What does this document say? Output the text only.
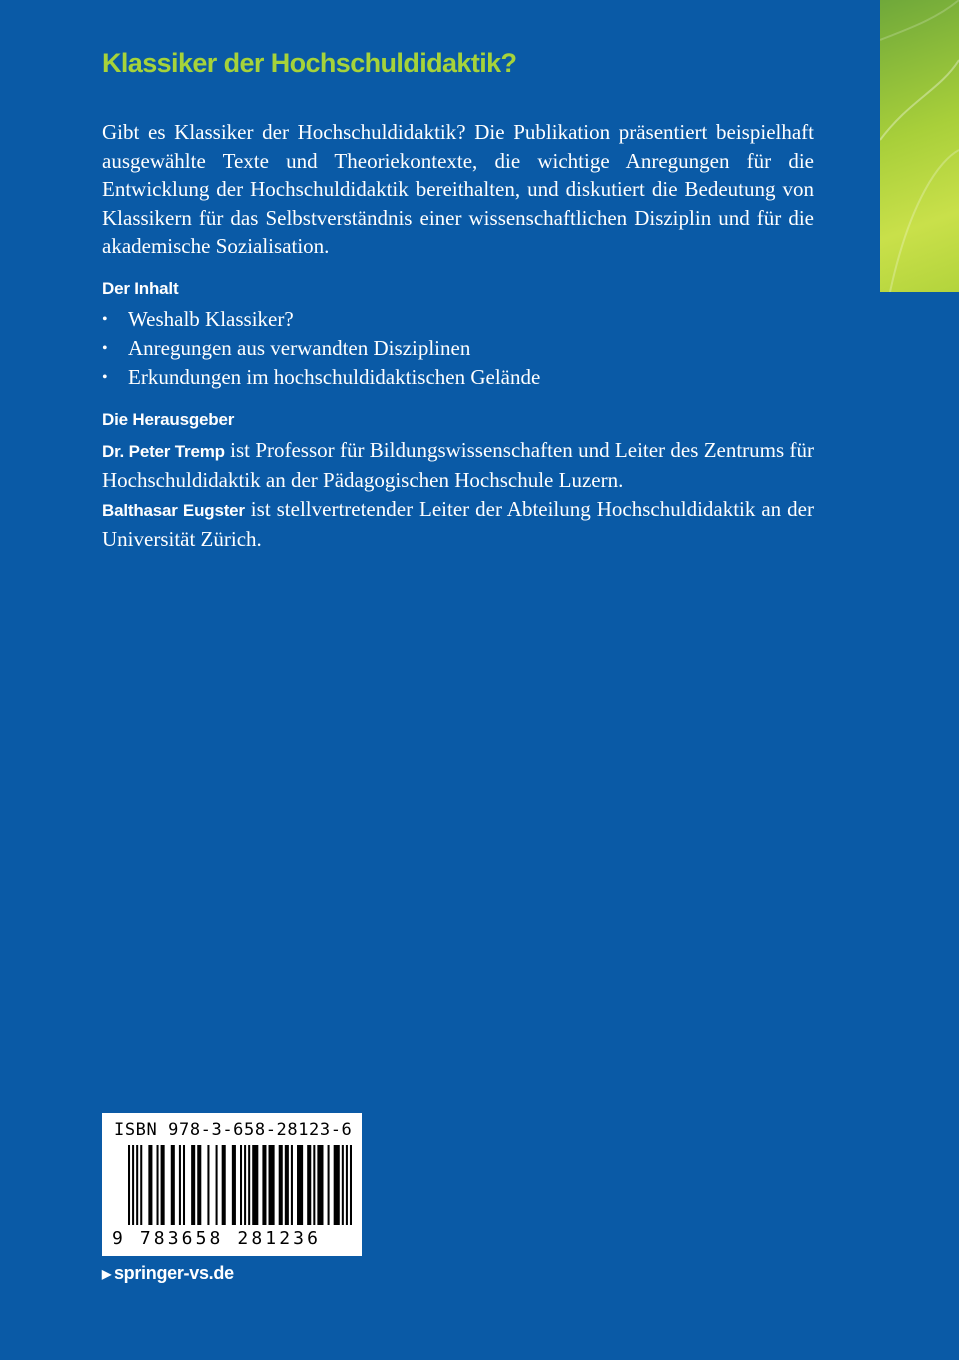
Klassiker der Hochschuldidaktik?

Gibt es Klassiker der Hochschuldidaktik? Die Publikation präsentiert beispielhaft ausgewählte Texte und Theoriekontexte, die wichtige Anregungen für die Entwicklung der Hochschuldidaktik bereithalten, und diskutiert die Bedeutung von Klassikern für das Selbstverständnis einer wissenschaftlichen Disziplin und für die akademische Sozialisation.

Der Inhalt
• Weshalb Klassiker?
• Anregungen aus verwandten Disziplinen
• Erkundungen im hochschuldidaktischen Gelände
Die Herausgeber

Dr. Peter Tremp ist Professor für Bildungswissenschaften und Leiter des Zentrums für Hochschuldidaktik an der Pädagogischen Hochschule Luzern.

Balthasar Eugster ist stellvertretender Leiter der Abteilung Hochschuldidaktik an der Universität Zürich.

ISBN 978-3-658-28123-6
9 783658 281236
▶ springer-vs.de
